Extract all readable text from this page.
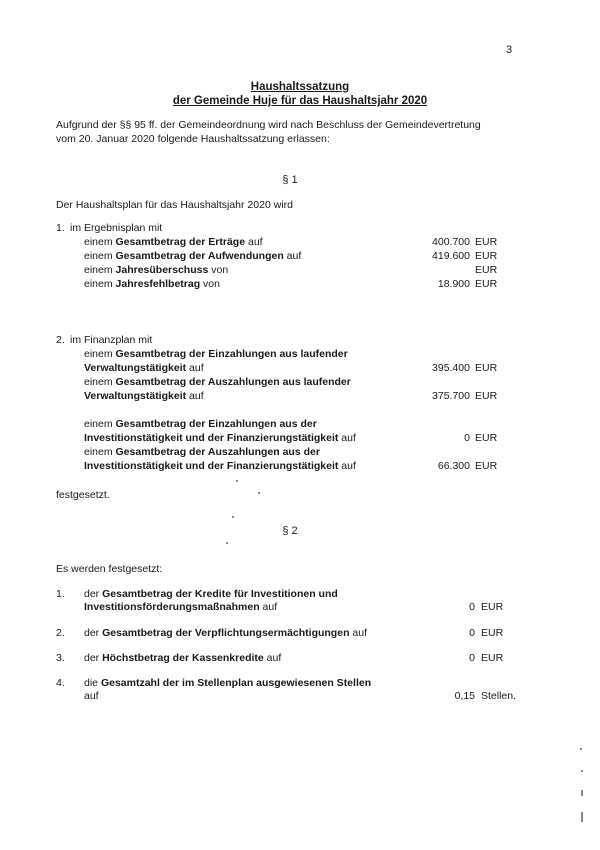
3
Haushaltssatzung
der Gemeinde Huje für das Haushaltsjahr 2020
Aufgrund der §§ 95 ff. der Gemeindeordnung wird nach Beschluss der Gemeindevertretung
vom 20. Januar 2020 folgende Haushaltssatzung erlassen:
§ 1
Der Haushaltsplan für das Haushaltsjahr 2020 wird
1. im Ergebnisplan mit
einem Gesamtbetrag der Erträge auf	400.700 EUR
einem Gesamtbetrag der Aufwendungen auf	419.600 EUR
einem Jahresüberschuss von	EUR
einem Jahresfehlbetrag von	18.900 EUR
2. im Finanzplan mit
einem Gesamtbetrag der Einzahlungen aus laufender
Verwaltungstätigkeit auf	395.400 EUR
einem Gesamtbetrag der Auszahlungen aus laufender
Verwaltungstätigkeit auf	375.700 EUR
einem Gesamtbetrag der Einzahlungen aus der
Investitionstätigkeit und der Finanzierungstätigkeit auf	0 EUR
einem Gesamtbetrag der Auszahlungen aus der
Investitionstätigkeit und der Finanzierungstätigkeit auf	66.300 EUR
festgesetzt.
§ 2
Es werden festgesetzt:
1. der Gesamtbetrag der Kredite für Investitionen und
Investitionsförderungsmaßnahmen auf	0 EUR
2. der Gesamtbetrag der Verpflichtungsermächtigungen auf	0 EUR
3. der Höchstbetrag der Kassenkredite auf	0 EUR
4. die Gesamtzahl der im Stellenplan ausgewiesenen Stellen
auf	0,15 Stellen.
